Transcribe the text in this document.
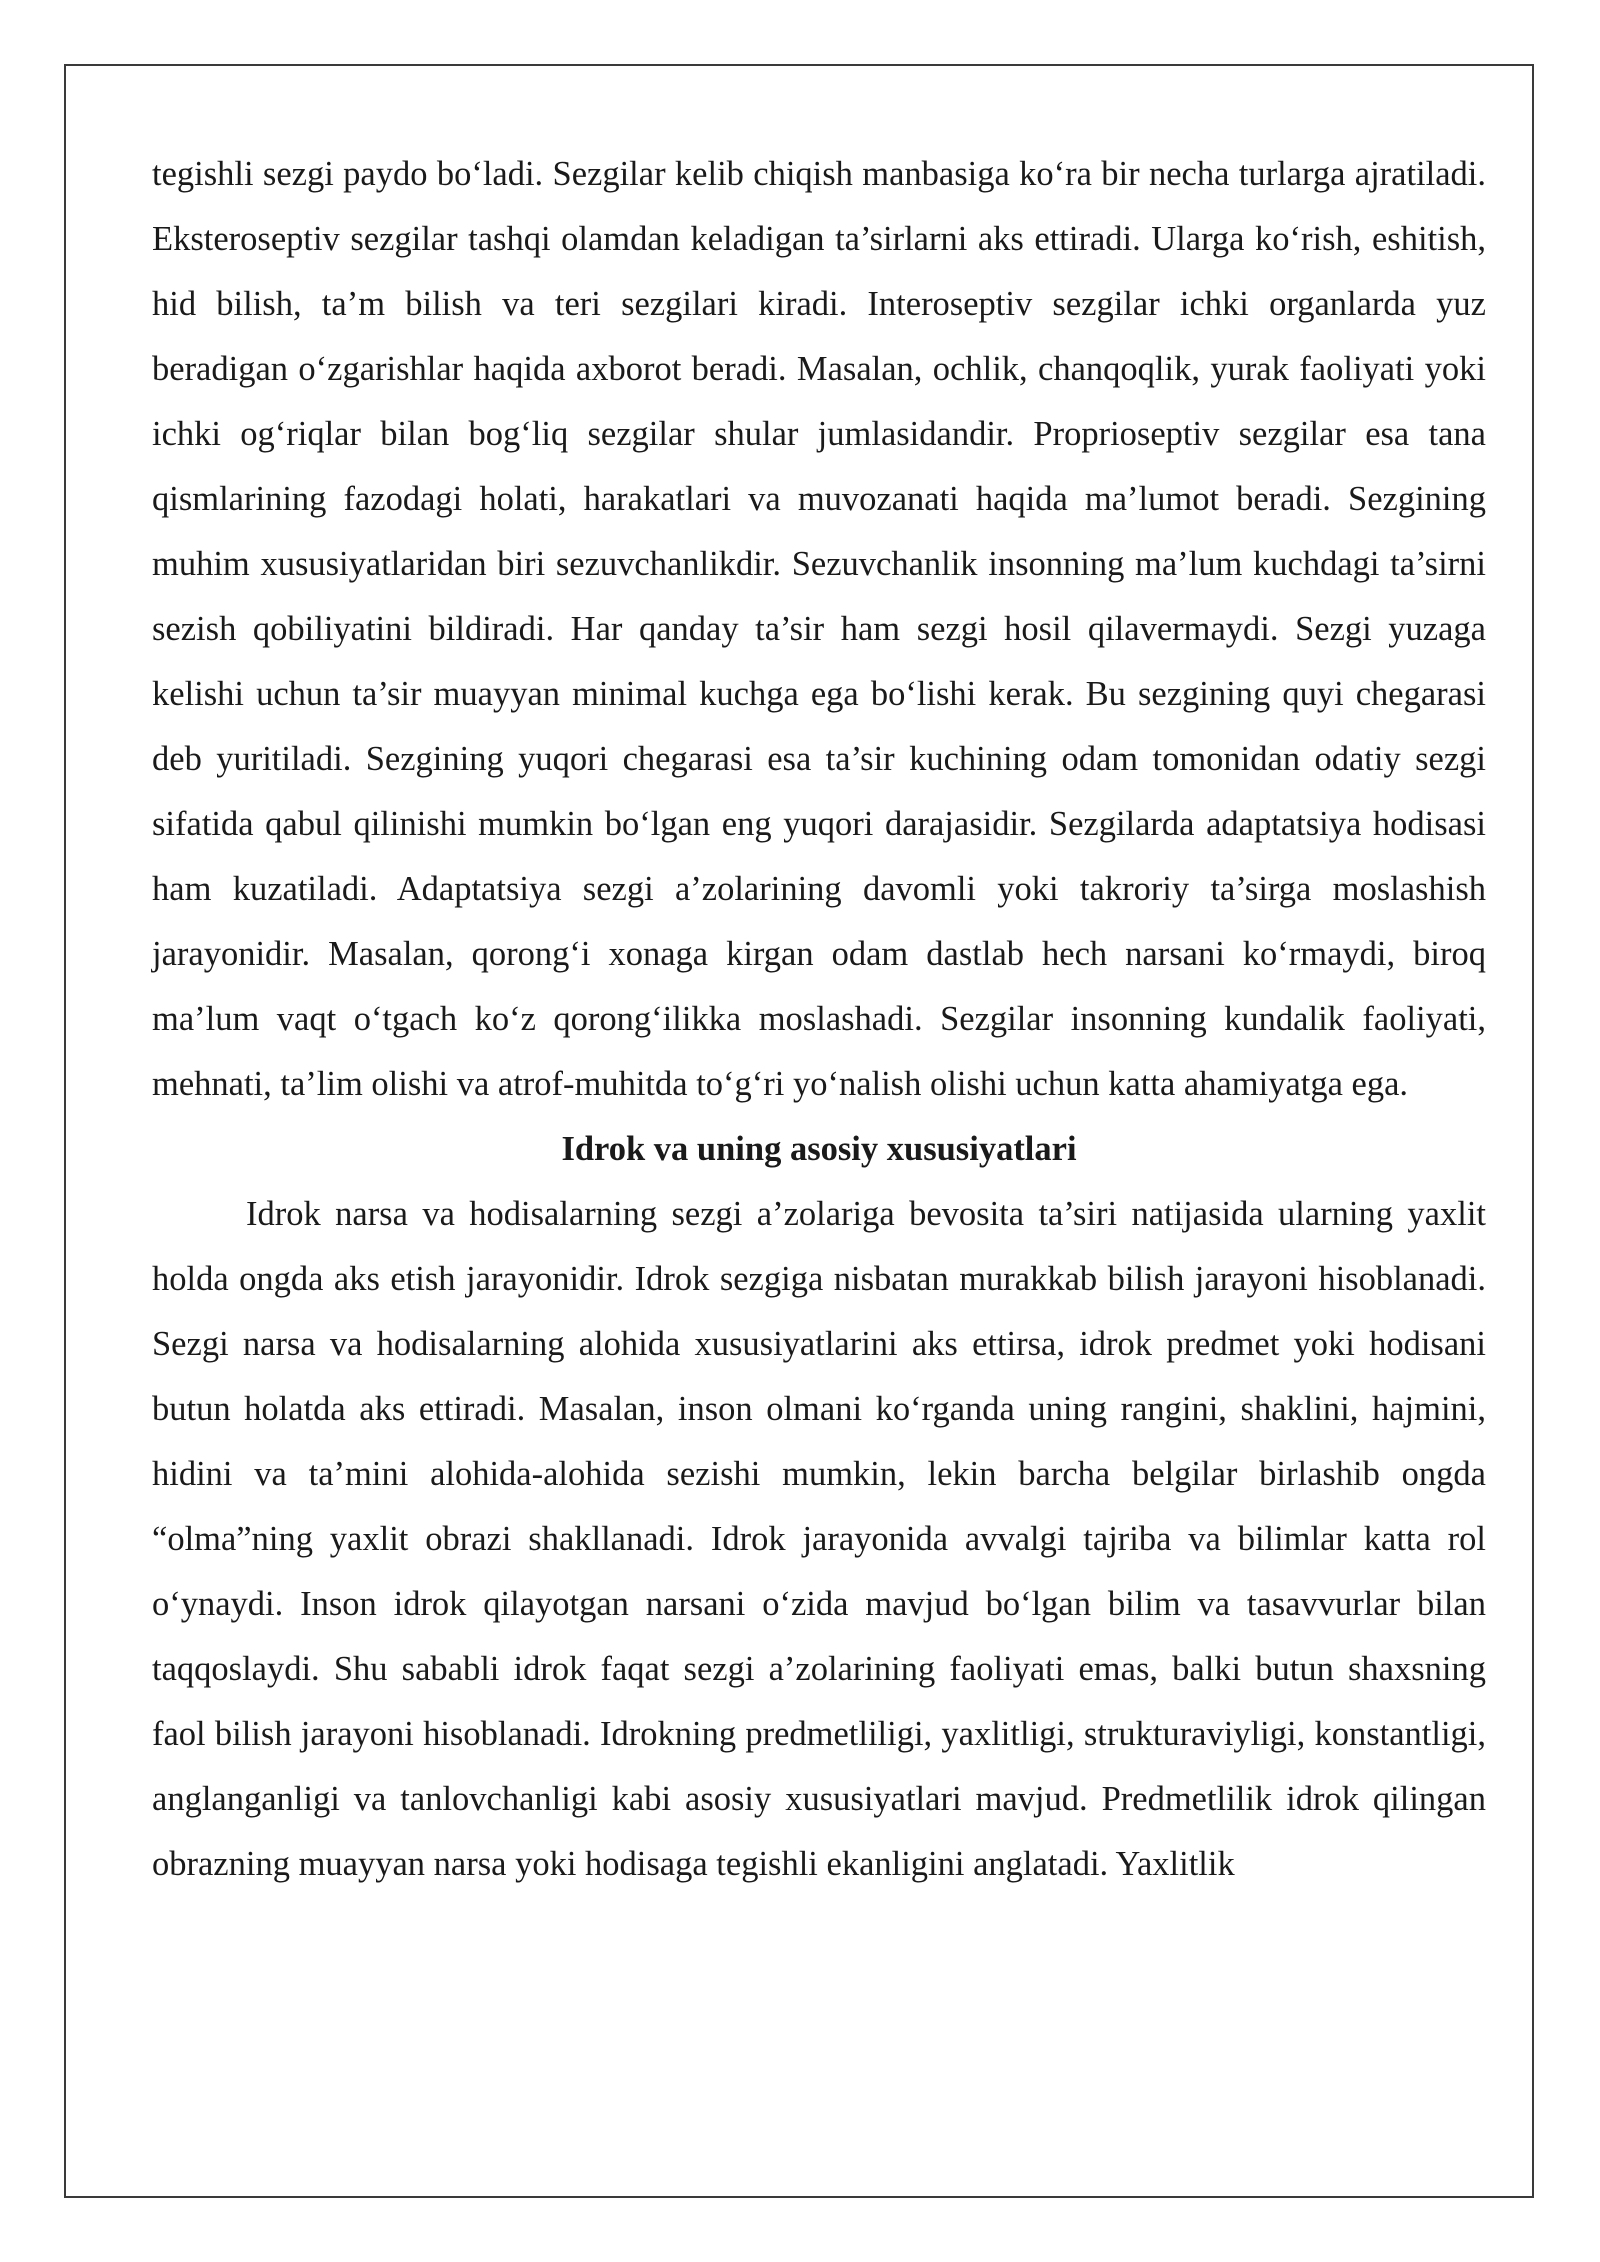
tegishli sezgi paydo bo‘ladi. Sezgilar kelib chiqish manbasiga ko‘ra bir necha turlarga ajratiladi. Eksteroseptiv sezgilar tashqi olamdan keladigan ta’sirlarni aks ettiradi. Ularga ko‘rish, eshitish, hid bilish, ta’m bilish va teri sezgilari kiradi. Interoseptiv sezgilar ichki organlarda yuz beradigan o‘zgarishlar haqida axborot beradi. Masalan, ochlik, chanqoqlik, yurak faoliyati yoki ichki og‘riqlar bilan bog‘liq sezgilar shular jumlasidandir. Proprioseptiv sezgilar esa tana qismlarining fazodagi holati, harakatlari va muvozanati haqida ma’lumot beradi. Sezgining muhim xususiyatlaridan biri sezuvchanlikdir. Sezuvchanlik insonning ma’lum kuchdagi ta’sirni sezish qobiliyatini bildiradi. Har qanday ta’sir ham sezgi hosil qilavermaydi. Sezgi yuzaga kelishi uchun ta’sir muayyan minimal kuchga ega bo‘lishi kerak. Bu sezgining quyi chegarasi deb yuritiladi. Sezgining yuqori chegarasi esa ta’sir kuchining odam tomonidan odatiy sezgi sifatida qabul qilinishi mumkin bo‘lgan eng yuqori darajasidir. Sezgilarda adaptatsiya hodisasi ham kuzatiladi. Adaptatsiya sezgi a’zolarining davomli yoki takroriy ta’sirga moslashish jarayonidir. Masalan, qorong‘i xonaga kirgan odam dastlab hech narsani ko‘rmaydi, biroq ma’lum vaqt o‘tgach ko‘z qorong‘ilikka moslashadi. Sezgilar insonning kundalik faoliyati, mehnati, ta’lim olishi va atrof-muhitda to‘g‘ri yo‘nalish olishi uchun katta ahamiyatga ega.

Idrok va uning asosiy xususiyatlari

Idrok narsa va hodisalarning sezgi a’zolariga bevosita ta’siri natijasida ularning yaxlit holda ongda aks etish jarayonidir. Idrok sezgiga nisbatan murakkab bilish jarayoni hisoblanadi. Sezgi narsa va hodisalarning alohida xususiyatlarini aks ettirsa, idrok predmet yoki hodisani butun holatda aks ettiradi. Masalan, inson olmani ko‘rganda uning rangini, shaklini, hajmini, hidini va ta’mini alohida-alohida sezishi mumkin, lekin barcha belgilar birlashib ongda “olma”ning yaxlit obrazi shakllanadi. Idrok jarayonida avvalgi tajriba va bilimlar katta rol o‘ynaydi. Inson idrok qilayotgan narsani o‘zida mavjud bo‘lgan bilim va tasavvurlar bilan taqqoslaydi. Shu sababli idrok faqat sezgi a’zolarining faoliyati emas, balki butun shaxsning faol bilish jarayoni hisoblanadi. Idrokning predmetliligi, yaxlitligi, strukturaviyligi, konstantligi, anglanganligi va tanlovchanligi kabi asosiy xususiyatlari mavjud. Predmetlilik idrok qilingan obrazning muayyan narsa yoki hodisaga tegishli ekanligini anglatadi. Yaxlitlik
